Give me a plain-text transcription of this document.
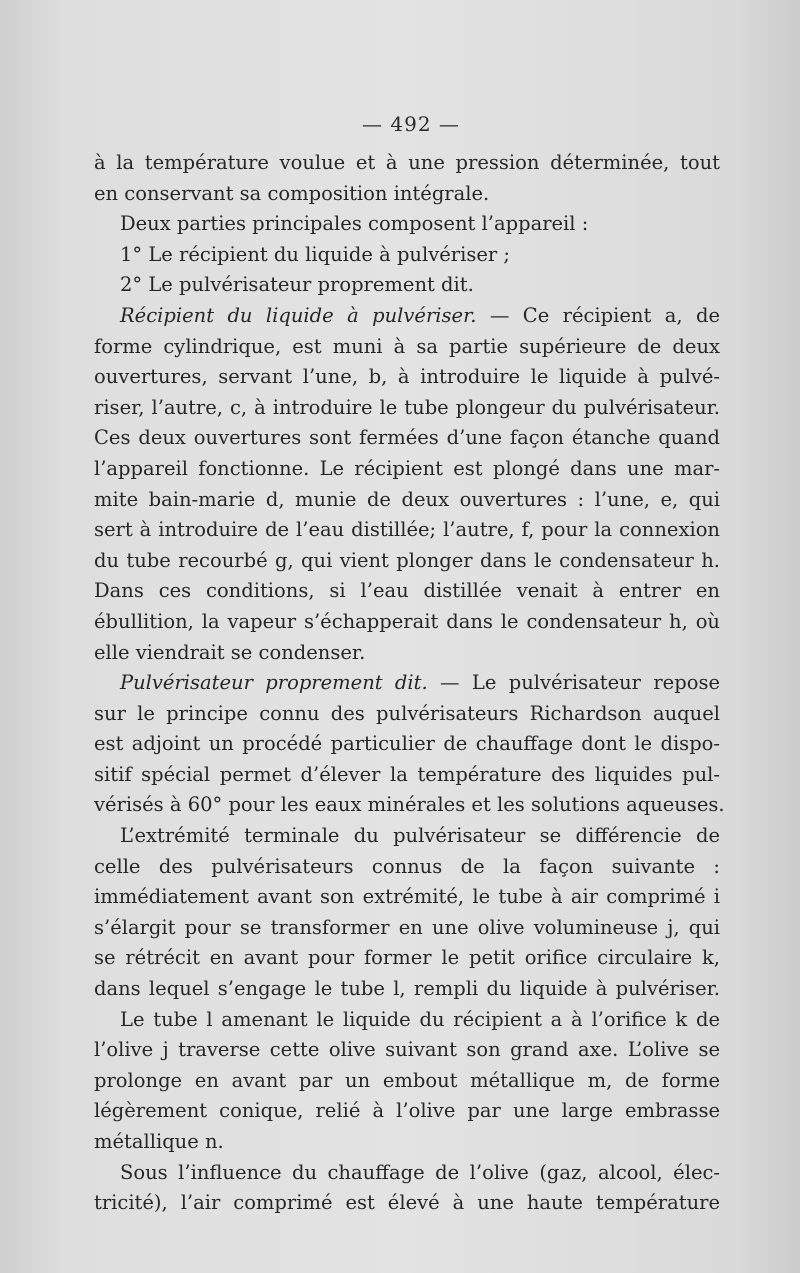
— 492 —
à la température voulue et à une pression déterminée, tout
en conservant sa composition intégrale.
Deux parties principales composent l’appareil :
1° Le récipient du liquide à pulvériser ;
2° Le pulvérisateur proprement dit.
Récipient du liquide à pulvériser. — Ce récipient a, de
forme cylindrique, est muni à sa partie supérieure de deux
ouvertures, servant l’une, b, à introduire le liquide à pulvé-
riser, l’autre, c, à introduire le tube plongeur du pulvérisateur.
Ces deux ouvertures sont fermées d’une façon étanche quand
l’appareil fonctionne. Le récipient est plongé dans une mar-
mite bain-marie d, munie de deux ouvertures : l’une, e, qui
sert à introduire de l’eau distillée; l’autre, f, pour la connexion
du tube recourbé g, qui vient plonger dans le condensateur h.
Dans ces conditions, si l’eau distillée venait à entrer en
ébullition, la vapeur s’échapperait dans le condensateur h, où
elle viendrait se condenser.
Pulvérisateur proprement dit. — Le pulvérisateur repose
sur le principe connu des pulvérisateurs Richardson auquel
est adjoint un procédé particulier de chauffage dont le dispo-
sitif spécial permet d’élever la température des liquides pul-
vérisés à 60° pour les eaux minérales et les solutions aqueuses.
L’extrémité terminale du pulvérisateur se différencie de
celle des pulvérisateurs connus de la façon suivante :
immédiatement avant son extrémité, le tube à air comprimé i
s’élargit pour se transformer en une olive volumineuse j, qui
se rétrécit en avant pour former le petit orifice circulaire k,
dans lequel s’engage le tube l, rempli du liquide à pulvériser.
Le tube l amenant le liquide du récipient a à l’orifice k de
l’olive j traverse cette olive suivant son grand axe. L’olive se
prolonge en avant par un embout métallique m, de forme
légèrement conique, relié à l’olive par une large embrasse
métallique n.
Sous l’influence du chauffage de l’olive (gaz, alcool, élec-
tricité), l’air comprimé est élevé à une haute température
